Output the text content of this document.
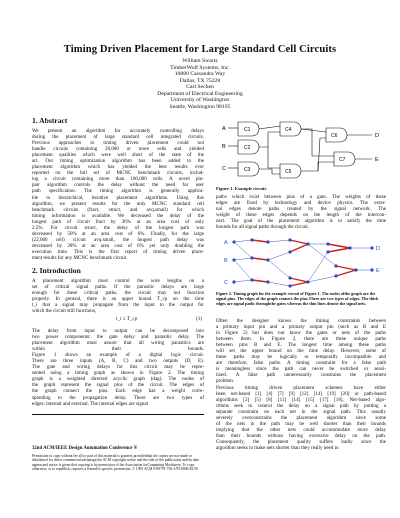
Timing Driven Placement for Large Standard Cell Circuits
William Swartz
TimberWolf Systems, Inc.
10880 Cassandra Way
Dallas, TX 75228
Carl Sechen
Department of Electrical Engineering
University of Washington
Seattle, Washington 98195
1. Abstract
We present an algorithm for accurately controlling delays
during the placement of large standard cell integrated circuits.
Previous approaches to timing driven placement could not
handle circuits containing 20,000 or more cells and yielded
placement qualities which were well short of the state of the
art. Our timing optimization algorithm has been added to the
placement algorithm which has yielded the best results ever
reported on the full set of MCNC benchmark circuits, includ-
ing a circuit containing more than 100,000 cells. A novel pin-
pair algorithm controls the delay without the need for user
path specification. The timing algorithm is generally applica-
ble to hierarchical, iterative placement algorithms. Using this
algorithm, we present results for the only MCNC standard cell
benchmark circuits (fract, struct, and avq.small) for which
timing information is available. We decreased the delay of the
longest path of circuit fract by 36% at an area cost of only
2.5%. For circuit struct, the delay of the longest path was
decreased by 50% at an area cost of 6%. Finally, for the large
(22,000 cell) circuit avq.small, the longest path delay was
decreased by 28% at an area cost of 6% yet only doubling the
execution time. This is the first report of timing driven place-
ment results for any MCNC benchmark circuit.
2. Introduction
A placement algorithm must control the wire lengths on a
set of critical signal paths. If the parasitic delays are large
enough for these critical paths, the circuit may not function
properly. In general, there is an upper bound T_cp on the time
t_i that a signal may propagate from the input to the output for
which the circuit still functions,
t_i ≤ T_cp	(1)
The delay from input to output can be decomposed into
two power components: the gate delay and parasitic delay. The
placement algorithm must assure that all wiring parasitics are
within their bounds.
Figure 1 shows an example of a digital logic circuit.
There are three inputs (A, B, C) and two outputs (D, E).
The gate and wiring delays for this circuit may be repre-
sented using a timing graph as shown in Figure 2. The timing
graph is a weighted directed acyclic graph (dag). The nodes of
the graph represent the signal pins of the circuit. The edges of
the graph connect the pins. Each edge has a weight corre-
sponding to the propagation delay. There are two types of
edges: internal and external. The internal edges are signal
32nd ACM/IEEE Design Automation Conference ®
Permission to copy without fee all or part of this material is granted, providedthat the copies are not made or distributed for direct commercial advantage,the ACM copyright notice and the title of the publication and its date appear,and notice is given that copying is by permission of the Association forComputing Machinery. To copy otherwise, or to republish, requires a feeand/or specific permission. © 1995 ACM 0-89791-756-1/95/0006 $3.50
A
B
C
C1
C2
C3
C4
C5
C6
C7
D
E
Figure 1. Example circuit.
paths which exist between pins of a gate. The weights of these
edges are fixed by technology and device physics. The exter-
nal edges denote paths created by the signal network. The
weight of these edges depends on the length of the intercon-
nect. The goal of the placement algorithm is to satisfy the time
bounds for all signal paths through the circuit.
A
B
C
D
E
Figure 2. Timing graph for the example circuit of Figure 1. The nodes ofthe graph are the signal pins. The edges of the graph connect the pins.There are two types of edges. The thick edges are signal paths throughthe gates whereas the thin lines denote the signal nets.
Often the designer knows the timing constraints between
a primary input pin and a primary output pin (such as B and E
in Figure 2) but does not know the gates or nets of the paths
between them. In Figure 2, there are three unique paths
between pins B and E. The longest time among these paths
will set the upper bound on the time delay. However, some of
these paths may be logically or temporally incompatible and
are therefore, false paths. A timing constraint for a false path
is meaningless since the path can never be switched or sensi-
tized. A false path unnecessarily constrains the placement
problem.
Previous timing driven placement schemes have either
been net-based [1] [4] [7] [9] [12] [14] [19] [20] or path-based
algorithms [2] [5] [8] [11] [14] [15] [17] [18]. Net-based algo-
rithms seek to control the delay on a signal path by putting a
separate constraint on each net in the signal path. This usually
severely overconstrains the placement algorithm since some
of the nets in the path may be well shorter than their bounds
implying that the other nets could accommodate more delay
than their bounds without having excessive delay on the path.
Consequently, the placement quality suffers badly since the
algorithm seeks to make nets shorter than they really need to
